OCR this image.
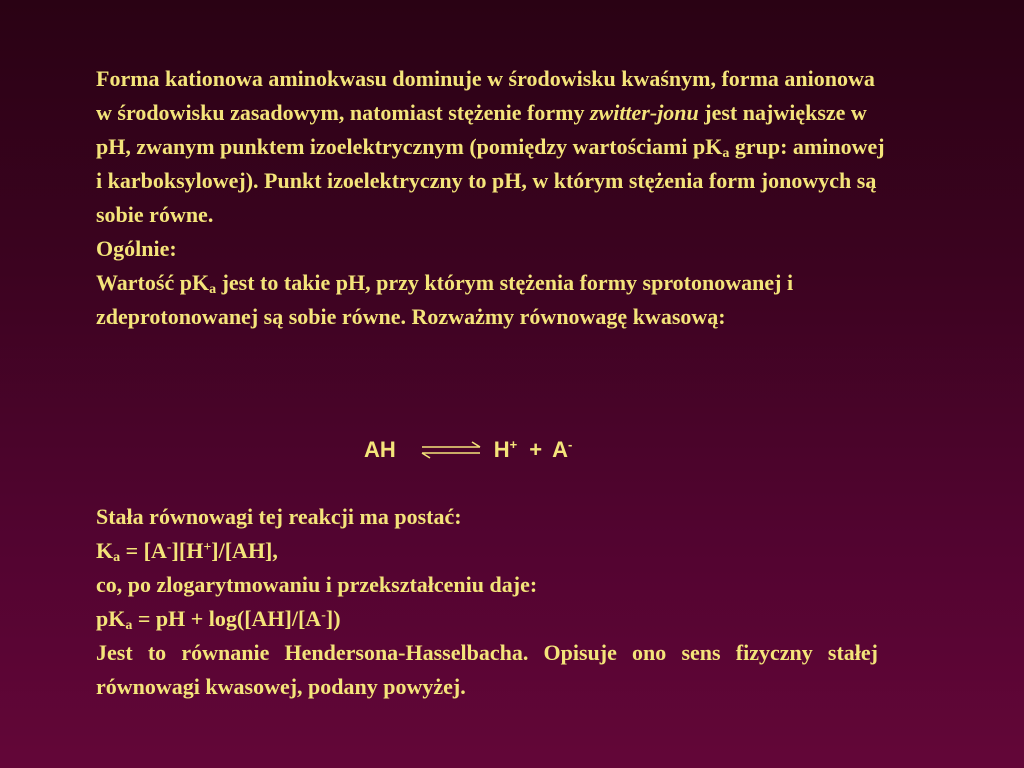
Forma kationowa aminokwasu dominuje w środowisku kwaśnym, forma anionowa w środowisku zasadowym, natomiast stężenie formy zwitter-jonu jest największe w pH, zwanym punktem izoelektrycznym (pomiędzy wartościami $pK_a$ grup: aminowej i karboksylowej). Punkt izoelektryczny to pH, w którym stężenia form jonowych są sobie równe.

Ogólnie:

Wartość $pK_a$ jest to takie pH, przy którym stężenia formy sprotonowanej i zdeprotonowanej są sobie równe. Rozważmy równowagę kwasową:

AH ⇌ H+ + A-

Stała równowagi tej reakcji ma postać:

$K_a = [A^-][H^+]/[AH]$,

co, po zlogarytmowaniu i przekształceniu daje:

$pK_a$ = pH + log([AH]/[A-])

Jest to równanie Hendersona-Hasselbacha. Opisuje ono sens fizyczny stałej równowagi kwasowej, podany powyżej.
